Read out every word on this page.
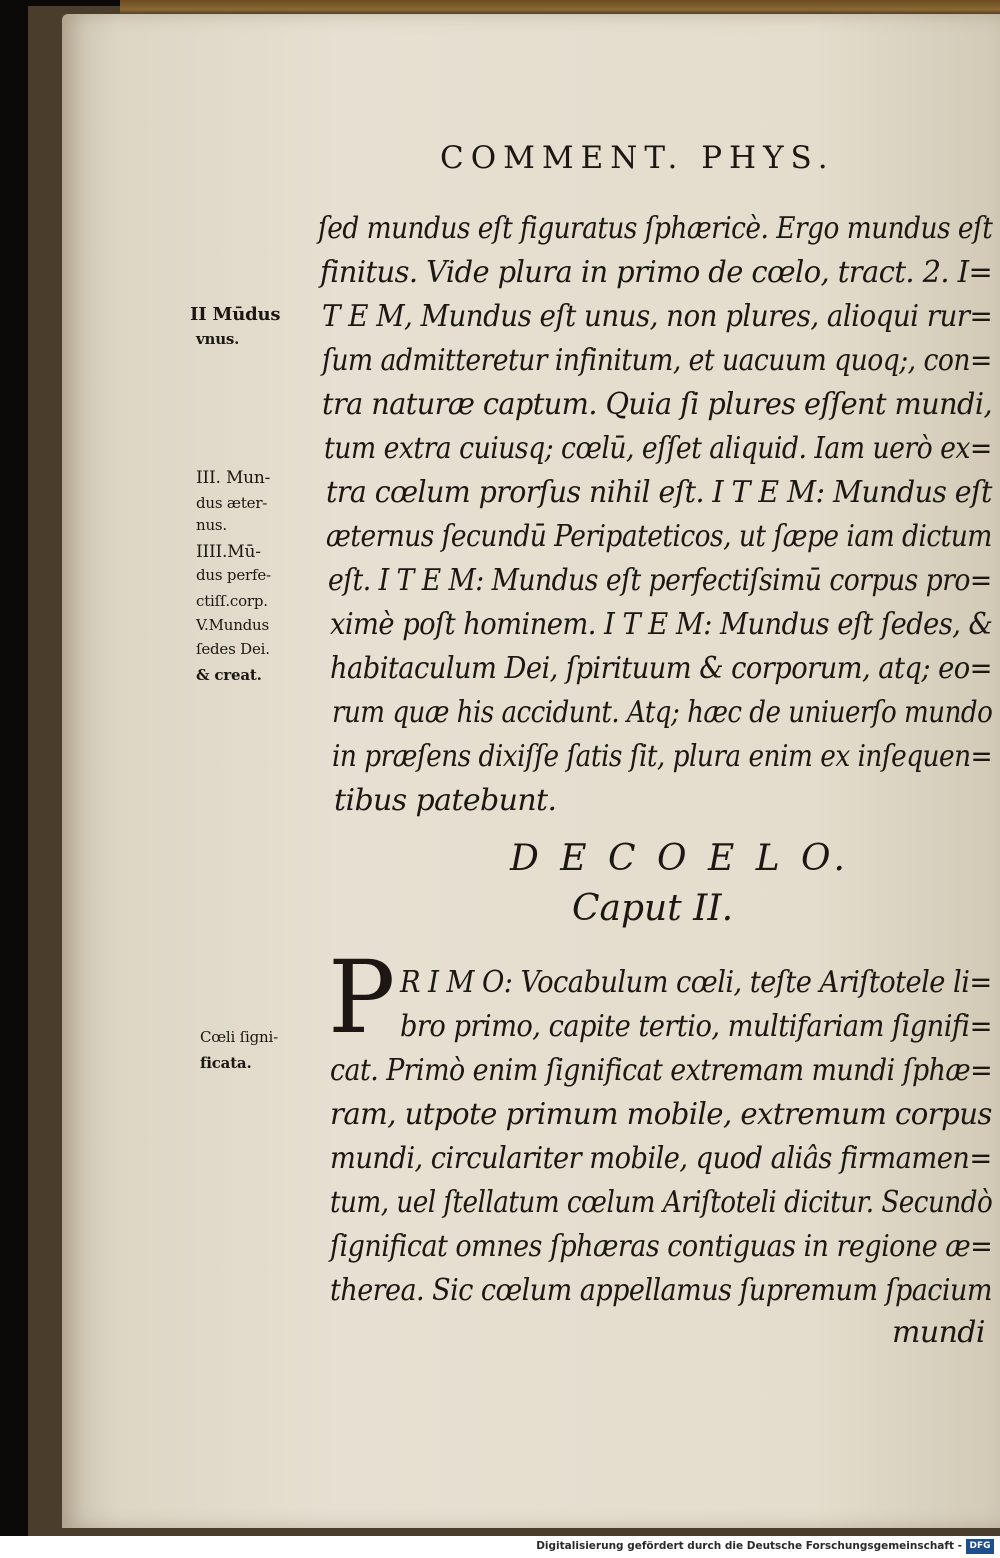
COMMENT. PHYS.
ſed mundus eſt figuratus ſphæricè. Ergo mundus eſt
finitus. Vide plura in primo de cœlo, tract. 2. I=
T E M, Mundus eſt unus, non plures, alioqui rur=
ſum admitteretur infinitum, et uacuum quoq;, con=
tra naturæ captum. Quia ſi plures eſſent mundi,
tum extra cuiusq; cœlū, eſſet aliquid. Iam uerò ex=
tra cœlum prorſus nihil eſt. I T E M: Mundus eſt
æternus ſecundū Peripateticos, ut ſæpe iam dictum
eſt. I T E M: Mundus eſt perfectiſsimū corpus pro=
ximè poſt hominem. I T E M: Mundus eſt ſedes, &
habitaculum Dei, ſpirituum & corporum, atq; eo=
rum quæ his accidunt. Atq; hæc de uniuerſo mundo
in præſens dixiſſe ſatis ſit, plura enim ex inſequen=
tibus patebunt.
II Mūdus
vnus.
III. Mun-
dus æter-
nus.
IIII.Mū-
dus perfe-
ctiſſ.corp.
V.Mundus
ſedes Dei.
& creat.
D E C O E L O.
Caput II.
P R I M O: Vocabulum cœli, teſte Ariſtotele li=
bro primo, capite tertio, multifariam ſignifi=
cat. Primò enim ſignificat extremam mundi ſphæ=
ram, utpote primum mobile, extremum corpus
mundi, circulariter mobile, quod aliâs firmamen=
tum, uel ſtellatum cœlum Ariſtoteli dicitur. Secundò
ſignificat omnes ſphæras contiguas in regione æ=
therea. Sic cœlum appellamus ſupremum ſpacium
mundi
Cœli ſigni-
ficata.
Digitalisierung gefördert durch die Deutsche Forschungsgemeinschaft - DFG
